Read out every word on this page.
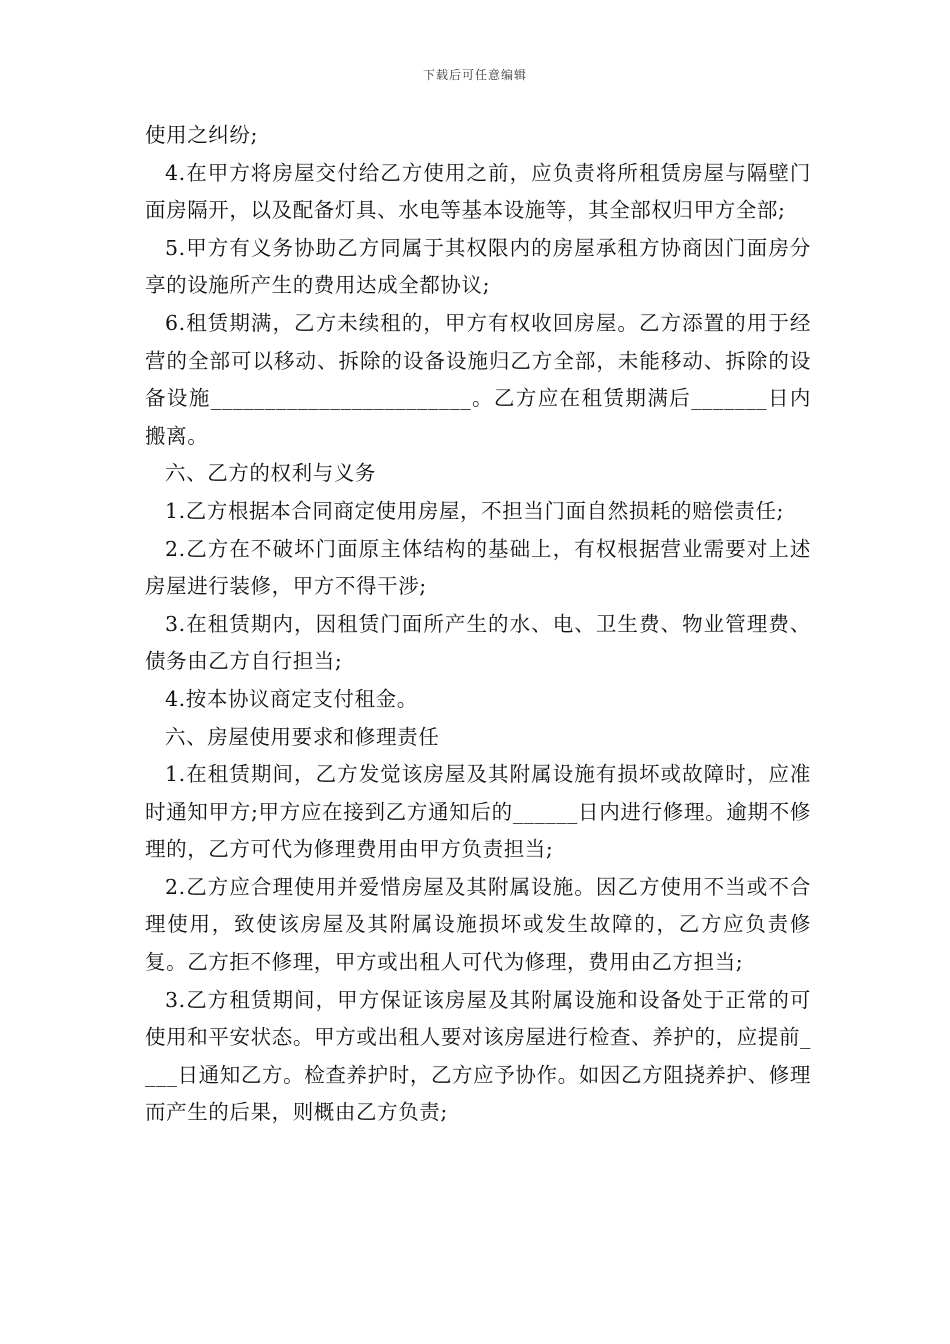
下载后可任意编辑

使用之纠纷;

4.在甲方将房屋交付给乙方使用之前，应负责将所租赁房屋与隔壁门面房隔开，以及配备灯具、水电等基本设施等，其全部权归甲方全部;

5.甲方有义务协助乙方同属于其权限内的房屋承租方协商因门面房分享的设施所产生的费用达成全都协议;

6.租赁期满，乙方未续租的，甲方有权收回房屋。乙方添置的用于经营的全部可以移动、拆除的设备设施归乙方全部，未能移动、拆除的设备设施________________________。乙方应在租赁期满后_______日内搬离。

六、乙方的权利与义务

1.乙方根据本合同商定使用房屋，不担当门面自然损耗的赔偿责任;

2.乙方在不破坏门面原主体结构的基础上，有权根据营业需要对上述房屋进行装修，甲方不得干涉;

3.在租赁期内，因租赁门面所产生的水、电、卫生费、物业管理费、债务由乙方自行担当;

4.按本协议商定支付租金。

六、房屋使用要求和修理责任

1.在租赁期间，乙方发觉该房屋及其附属设施有损坏或故障时，应准时通知甲方;甲方应在接到乙方通知后的______日内进行修理。逾期不修理的，乙方可代为修理费用由甲方负责担当;

2.乙方应合理使用并爱惜房屋及其附属设施。因乙方使用不当或不合理使用，致使该房屋及其附属设施损坏或发生故障的，乙方应负责修复。乙方拒不修理，甲方或出租人可代为修理，费用由乙方担当;

3.乙方租赁期间，甲方保证该房屋及其附属设施和设备处于正常的可使用和平安状态。甲方或出租人要对该房屋进行检查、养护的，应提前____日通知乙方。检查养护时，乙方应予协作。如因乙方阻挠养护、修理而产生的后果，则概由乙方负责;
